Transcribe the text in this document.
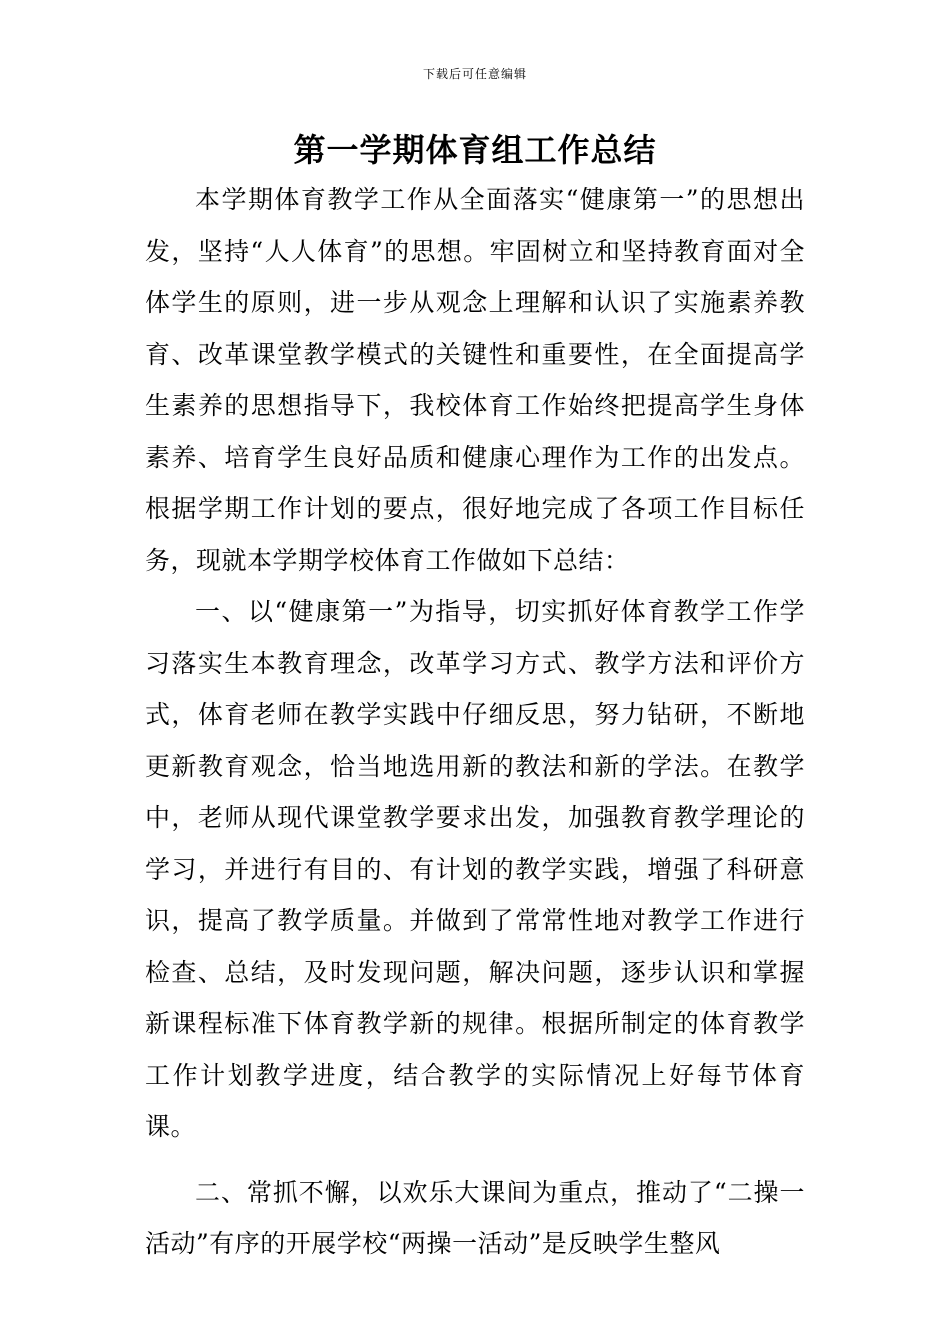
下载后可任意编辑
第一学期体育组工作总结

本学期体育教学工作从全面落实“健康第一”的思想出发，坚持“人人体育”的思想。牢固树立和坚持教育面对全体学生的原则，进一步从观念上理解和认识了实施素养教育、改革课堂教学模式的关键性和重要性，在全面提高学生素养的思想指导下，我校体育工作始终把提高学生身体素养、培育学生良好品质和健康心理作为工作的出发点。根据学期工作计划的要点，很好地完成了各项工作目标任务，现就本学期学校体育工作做如下总结：

一、以“健康第一”为指导，切实抓好体育教学工作学习落实生本教育理念，改革学习方式、教学方法和评价方式，体育老师在教学实践中仔细反思，努力钻研，不断地更新教育观念，恰当地选用新的教法和新的学法。在教学中，老师从现代课堂教学要求出发，加强教育教学理论的学习，并进行有目的、有计划的教学实践，增强了科研意识，提高了教学质量。并做到了常常性地对教学工作进行检查、总结，及时发现问题，解决问题，逐步认识和掌握新课程标准下体育教学新的规律。根据所制定的体育教学工作计划教学进度，结合教学的实际情况上好每节体育课。

二、常抓不懈，以欢乐大课间为重点，推动了“二操一活动”有序的开展学校“两操一活动”是反映学生整风
